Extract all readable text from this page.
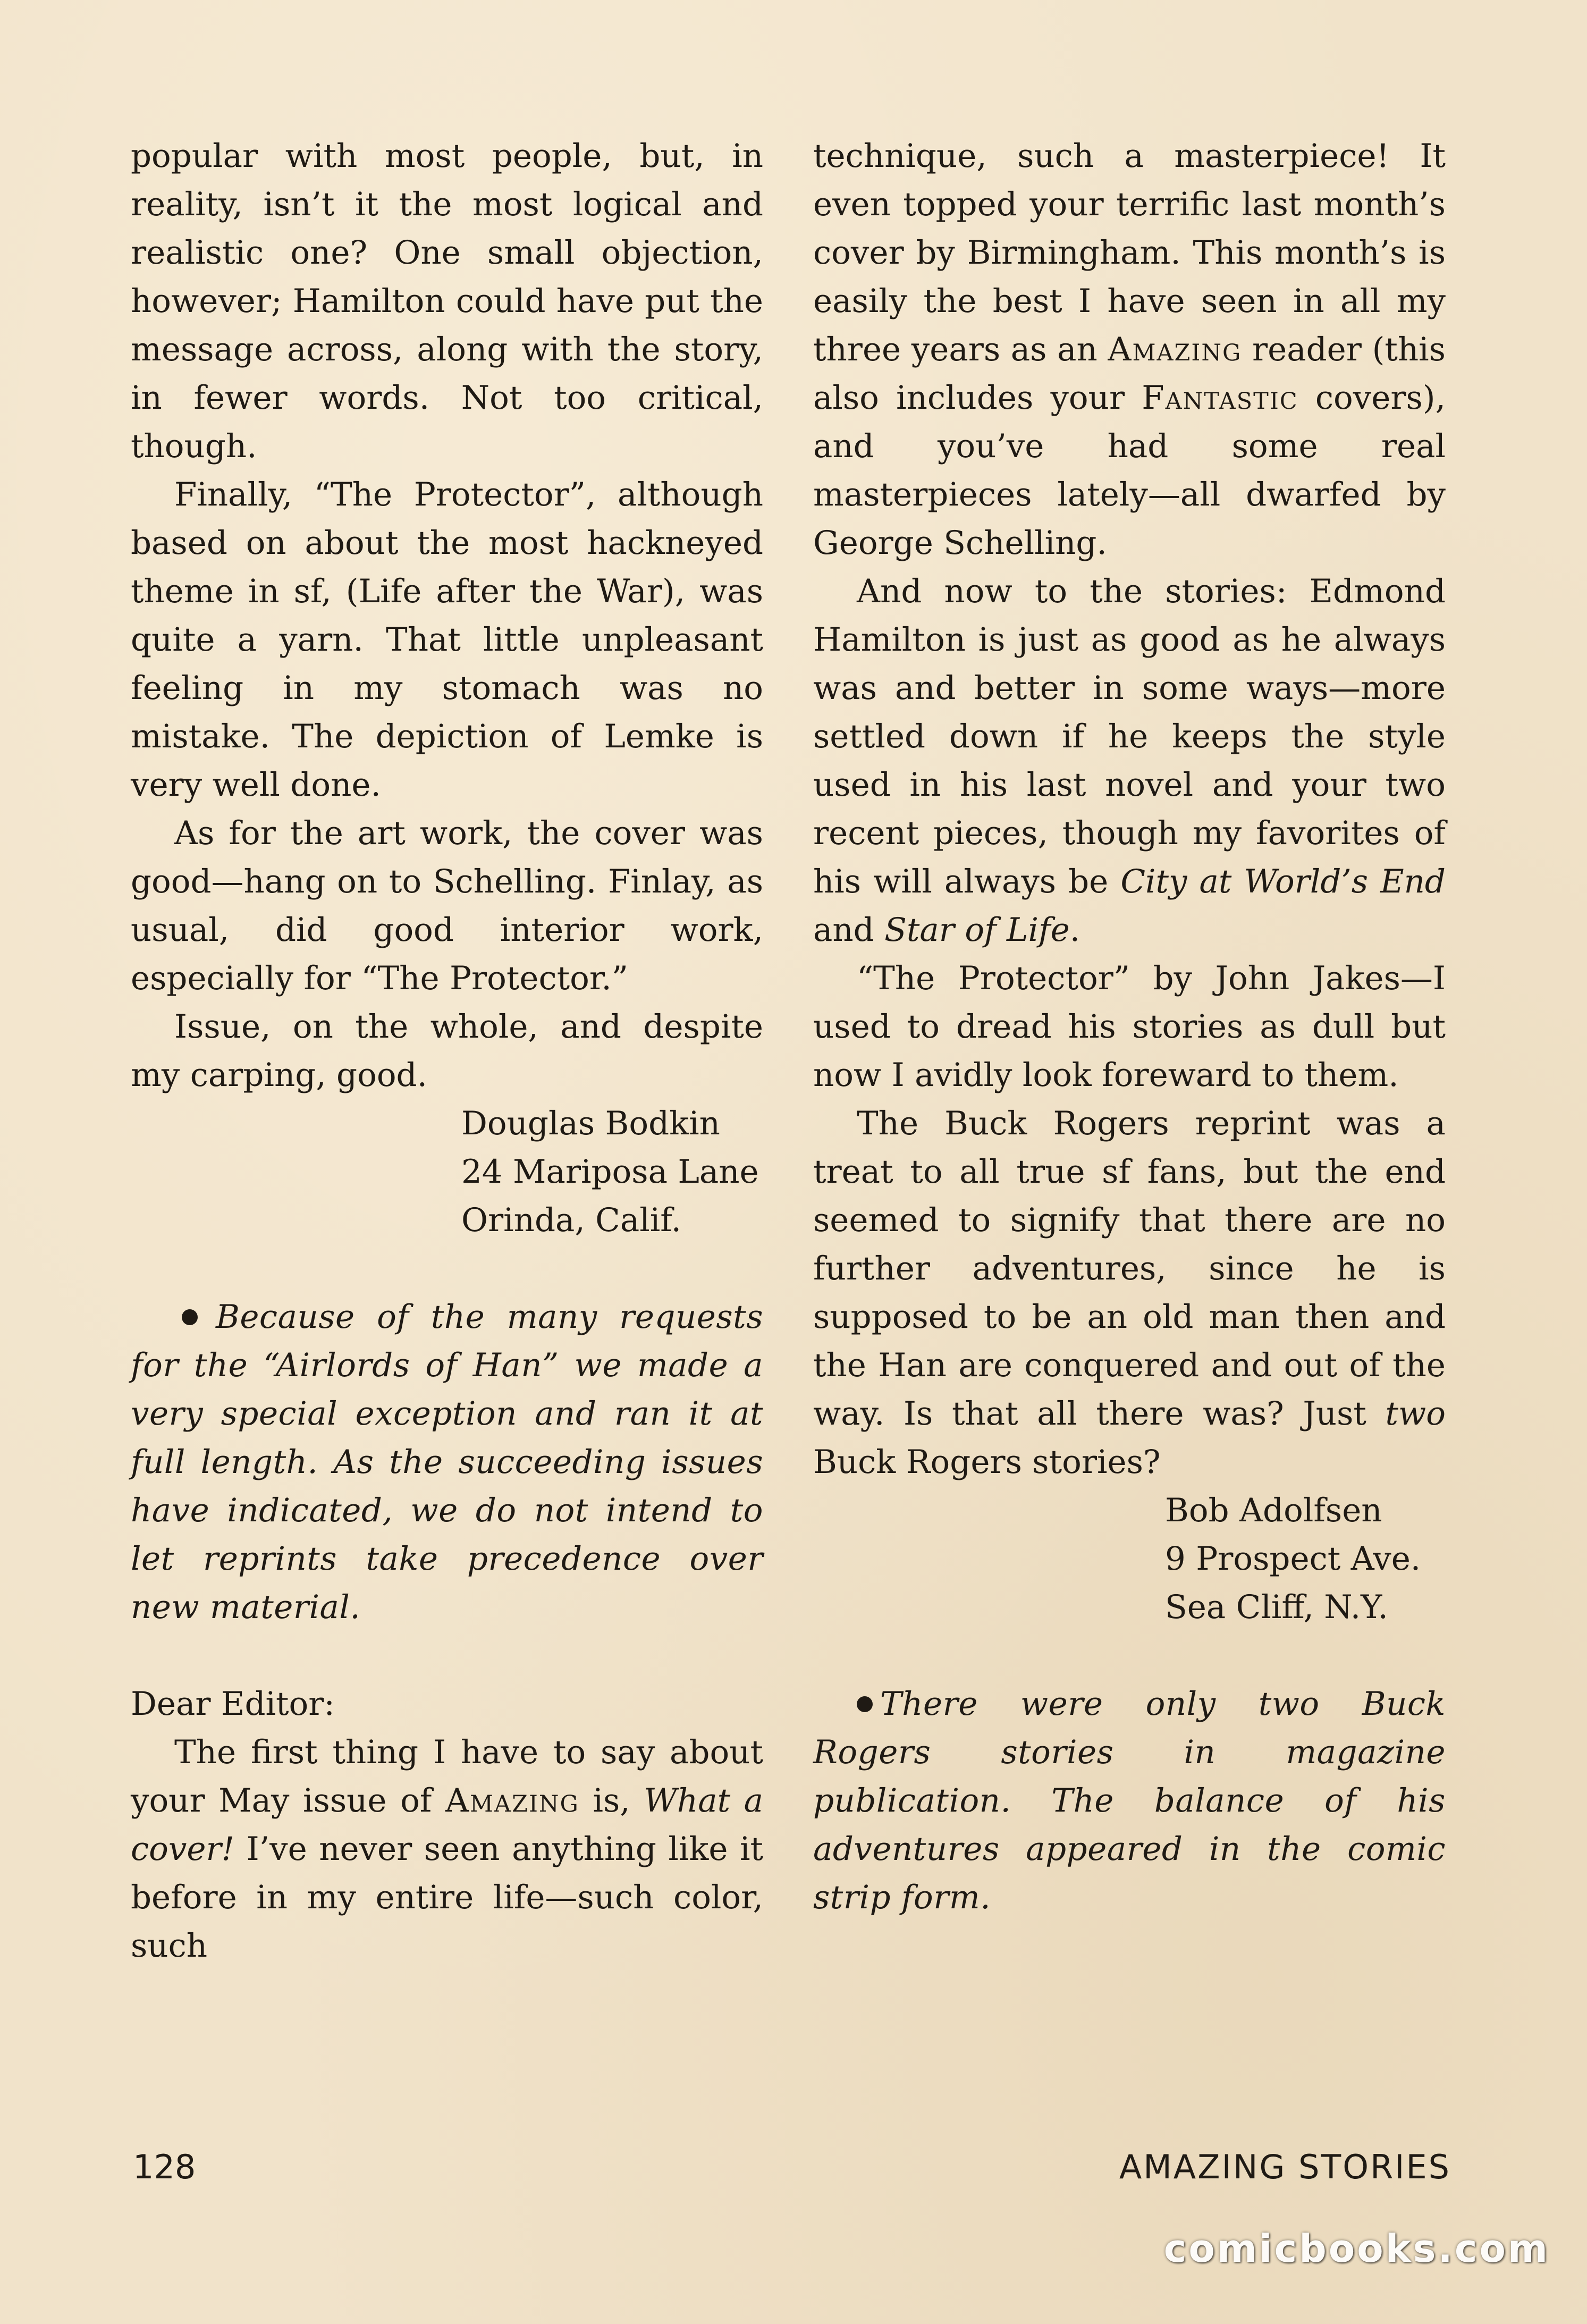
popular with most people, but, in reality, isn’t it the most logical and realistic one? One small objection, however; Hamilton could have put the message across, along with the story, in fewer words. Not too critical, though.

Finally, “The Protector”, although based on about the most hackneyed theme in sf, (Life after the War), was quite a yarn. That little unpleasant feeling in my stomach was no mistake. The depiction of Lemke is very well done.

As for the art work, the cover was good—hang on to Schelling. Finlay, as usual, did good interior work, especially for “The Protector.”

Issue, on the whole, and despite my carping, good.

Douglas Bodkin

24 Mariposa Lane

Orinda, Calif.

Because of the many requests for the “Airlords of Han” we made a very special exception and ran it at full length. As the succeeding issues have indicated, we do not intend to let reprints take precedence over new material.

Dear Editor:

The first thing I have to say about your May issue of Amazing is, What a cover! I’ve never seen anything like it before in my entire life—such color, such

technique, such a masterpiece! It even topped your terrific last month’s cover by Birmingham. This month’s is easily the best I have seen in all my three years as an Amazing reader (this also includes your Fantastic covers), and you’ve had some real masterpieces lately—all dwarfed by George Schelling.

And now to the stories: Edmond Hamilton is just as good as he always was and better in some ways—more settled down if he keeps the style used in his last novel and your two recent pieces, though my favorites of his will always be City at World’s End and Star of Life.

“The Protector” by John Jakes—I used to dread his stories as dull but now I avidly look foreward to them.

The Buck Rogers reprint was a treat to all true sf fans, but the end seemed to signify that there are no further adventures, since he is supposed to be an old man then and the Han are conquered and out of the way. Is that all there was? Just two Buck Rogers stories?

Bob Adolfsen

9 Prospect Ave.

Sea Cliff, N.Y.

There were only two Buck Rogers stories in magazine publication. The balance of his adventures appeared in the comic strip form.

128	AMAZING STORIES
comicbooks.com
